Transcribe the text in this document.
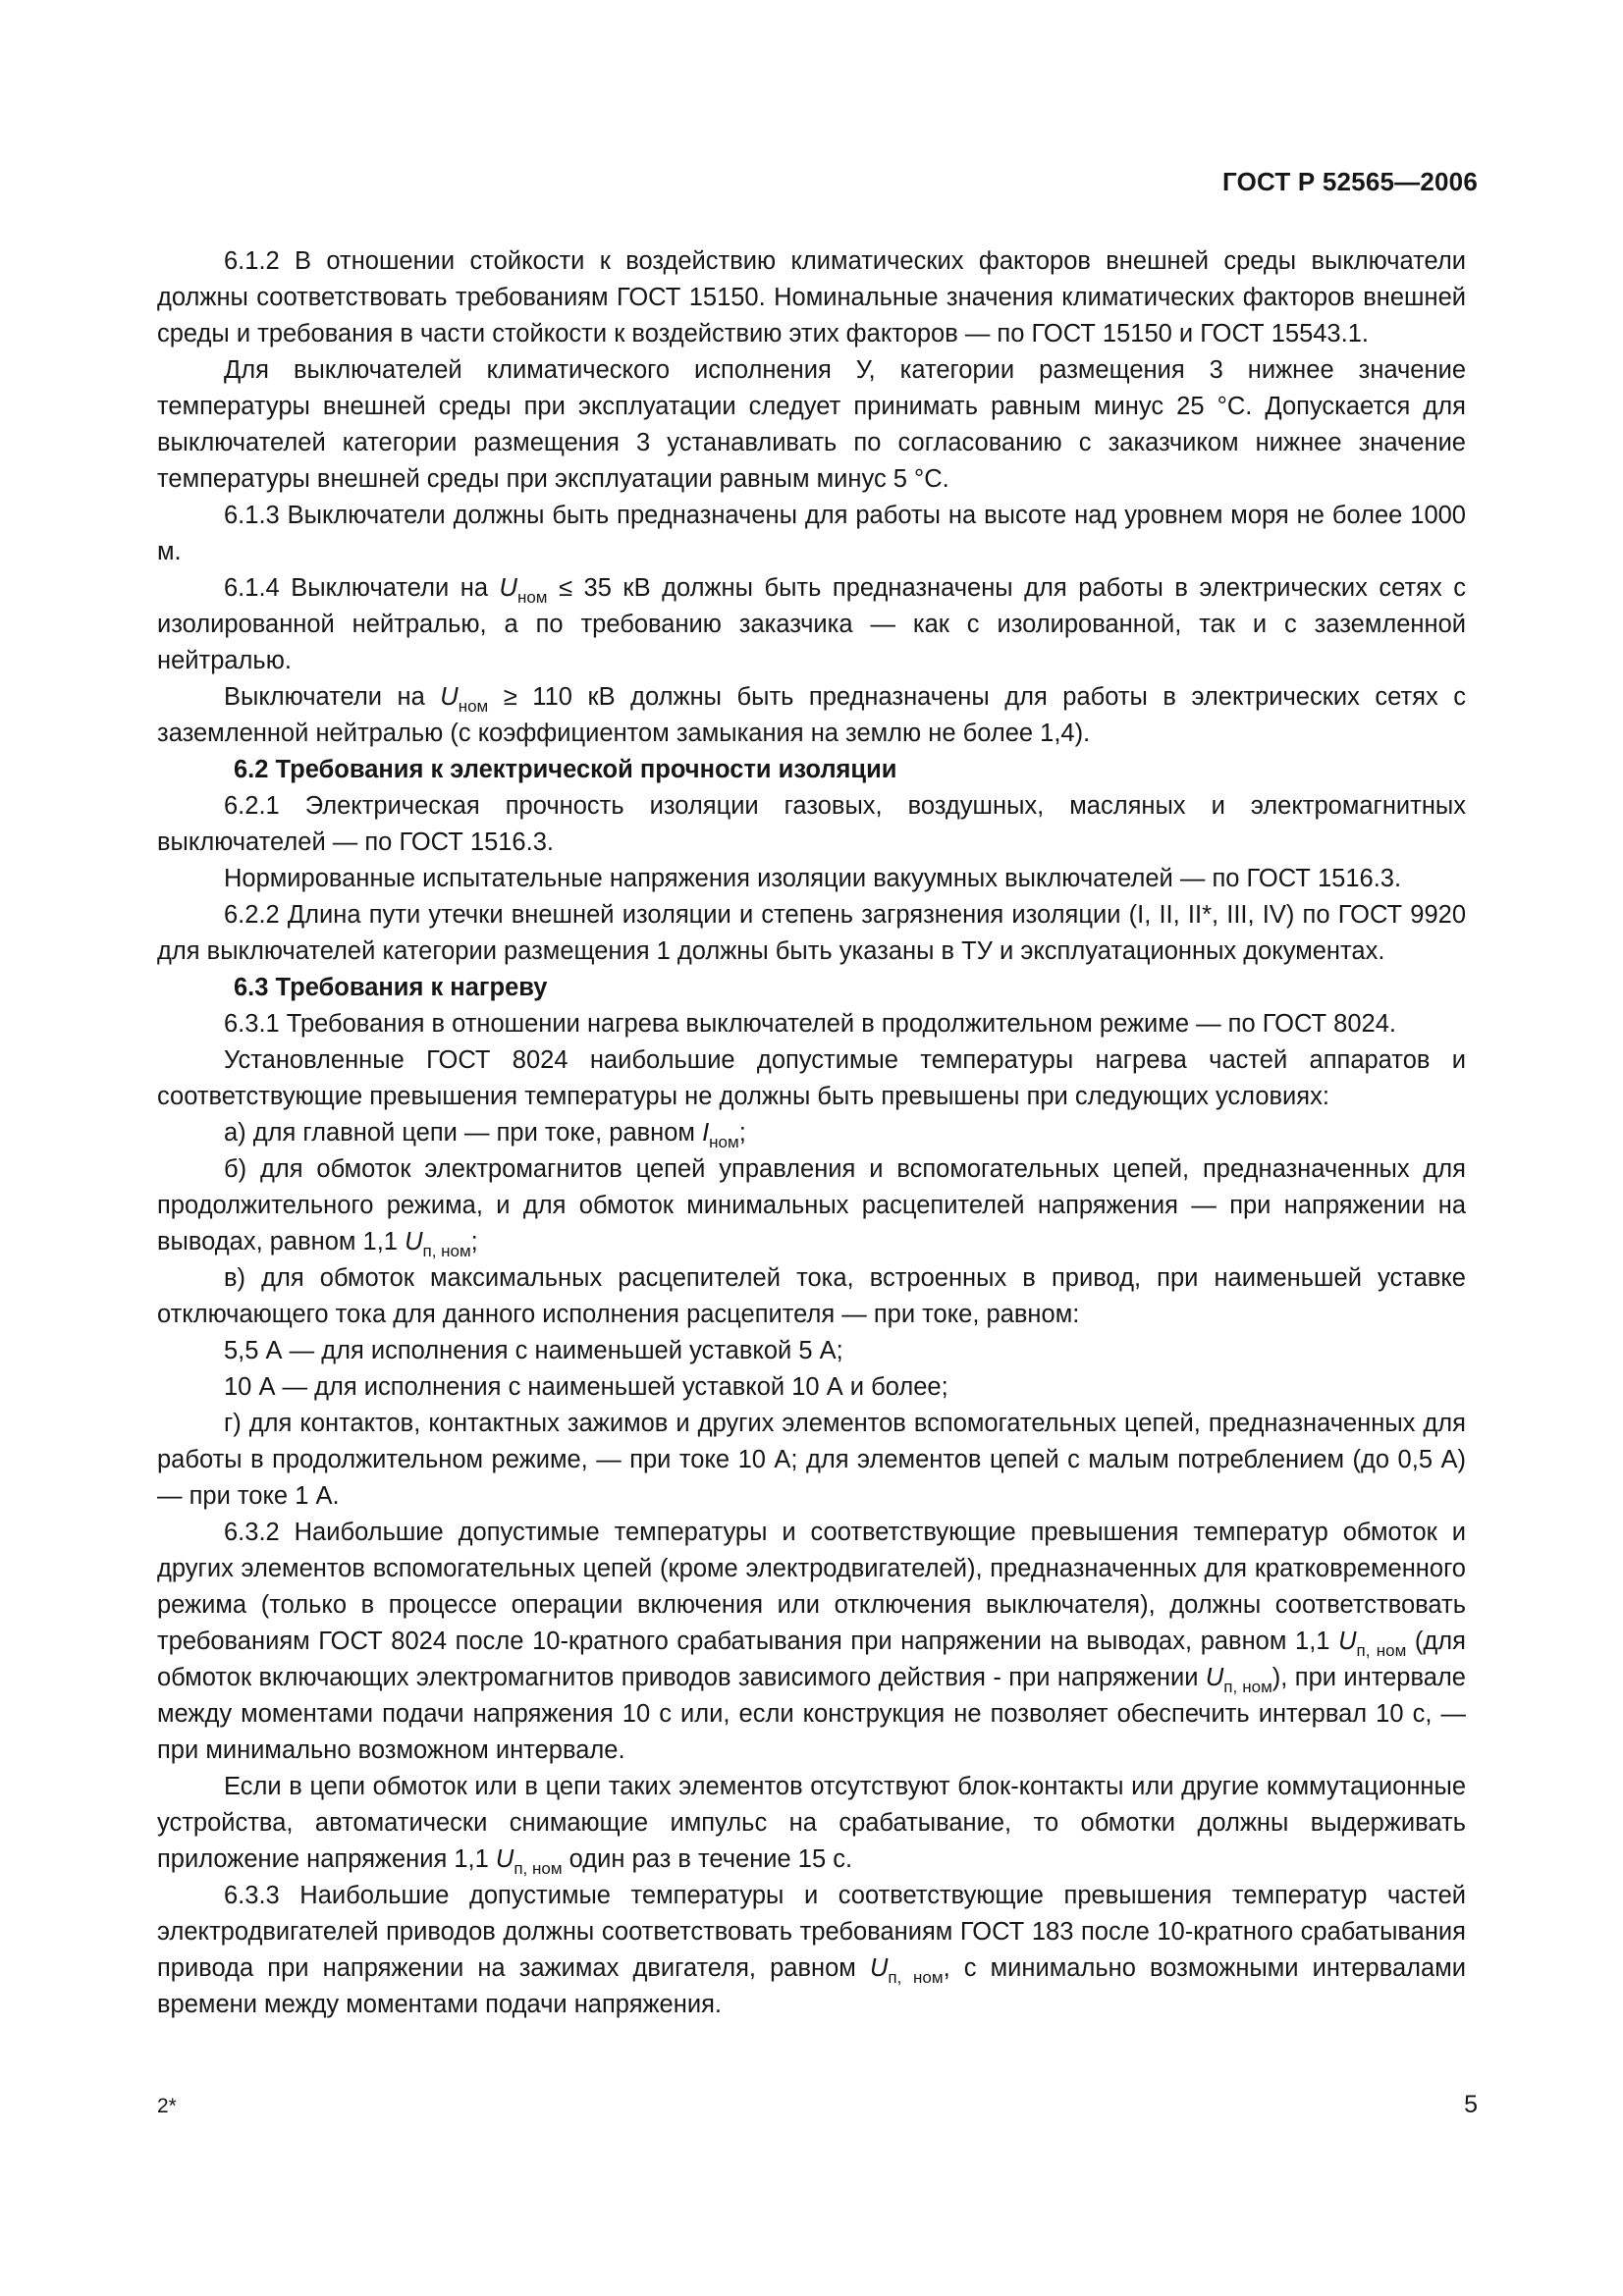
ГОСТ Р 52565—2006

6.1.2 В отношении стойкости к воздействию климатических факторов внешней среды выключатели должны соответствовать требованиям ГОСТ 15150. Номинальные значения климатических факторов внешней среды и требования в части стойкости к воздействию этих факторов — по ГОСТ 15150 и ГОСТ 15543.1.

Для выключателей климатического исполнения У, категории размещения 3 нижнее значение температуры внешней среды при эксплуатации следует принимать равным минус 25 °С. Допускается для выключателей категории размещения 3 устанавливать по согласованию с заказчиком нижнее значение температуры внешней среды при эксплуатации равным минус 5 °С.

6.1.3 Выключатели должны быть предназначены для работы на высоте над уровнем моря не более 1000 м.

6.1.4 Выключатели на $U_{ном} \le 35$ кВ должны быть предназначены для работы в электрических сетях с изолированной нейтралью, а по требованию заказчика — как с изолированной, так и с заземленной нейтралью.

Выключатели на $U_{ном} \ge 110$ кВ должны быть предназначены для работы в электрических сетях с заземленной нейтралью (с коэффициентом замыкания на землю не более 1,4).

6.2 Требования к электрической прочности изоляции

6.2.1 Электрическая прочность изоляции газовых, воздушных, масляных и электромагнитных выключателей — по ГОСТ 1516.3.

Нормированные испытательные напряжения изоляции вакуумных выключателей — по ГОСТ 1516.3.

6.2.2 Длина пути утечки внешней изоляции и степень загрязнения изоляции (I, II, II*, III, IV) по ГОСТ 9920 для выключателей категории размещения 1 должны быть указаны в ТУ и эксплуатационных документах.

6.3 Требования к нагреву

6.3.1 Требования в отношении нагрева выключателей в продолжительном режиме — по ГОСТ 8024.

Установленные ГОСТ 8024 наибольшие допустимые температуры нагрева частей аппаратов и соответствующие превышения температуры не должны быть превышены при следующих условиях:

а) для главной цепи — при токе, равном $I_{ном}$;

б) для обмоток электромагнитов цепей управления и вспомогательных цепей, предназначенных для продолжительного режима, и для обмоток минимальных расцепителей напряжения — при напряжении на выводах, равном 1,1 $U_{п, ном}$;

в) для обмоток максимальных расцепителей тока, встроенных в привод, при наименьшей уставке отключающего тока для данного исполнения расцепителя — при токе, равном:

5,5 А — для исполнения с наименьшей уставкой 5 А;

10 А — для исполнения с наименьшей уставкой 10 А и более;

г) для контактов, контактных зажимов и других элементов вспомогательных цепей, предназначенных для работы в продолжительном режиме, — при токе 10 А; для элементов цепей с малым потреблением (до 0,5 А) — при токе 1 А.

6.3.2 Наибольшие допустимые температуры и соответствующие превышения температур обмоток и других элементов вспомогательных цепей (кроме электродвигателей), предназначенных для кратковременного режима (только в процессе операции включения или отключения выключателя), должны соответствовать требованиям ГОСТ 8024 после 10-кратного срабатывания при напряжении на выводах, равном 1,1 $U_{п, ном}$ (для обмоток включающих электромагнитов приводов зависимого действия - при напряжении $U_{п, ном}$), при интервале между моментами подачи напряжения 10 с или, если конструкция не позволяет обеспечить интервал 10 с, — при минимально возможном интервале.

Если в цепи обмоток или в цепи таких элементов отсутствуют блок-контакты или другие коммутационные устройства, автоматически снимающие импульс на срабатывание, то обмотки должны выдерживать приложение напряжения 1,1 $U_{п, ном}$ один раз в течение 15 с.

6.3.3 Наибольшие допустимые температуры и соответствующие превышения температур частей электродвигателей приводов должны соответствовать требованиям ГОСТ 183 после 10-кратного срабатывания привода при напряжении на зажимах двигателя, равном $U_{п, ном}$, с минимально возможными интервалами времени между моментами подачи напряжения.

2*	5
